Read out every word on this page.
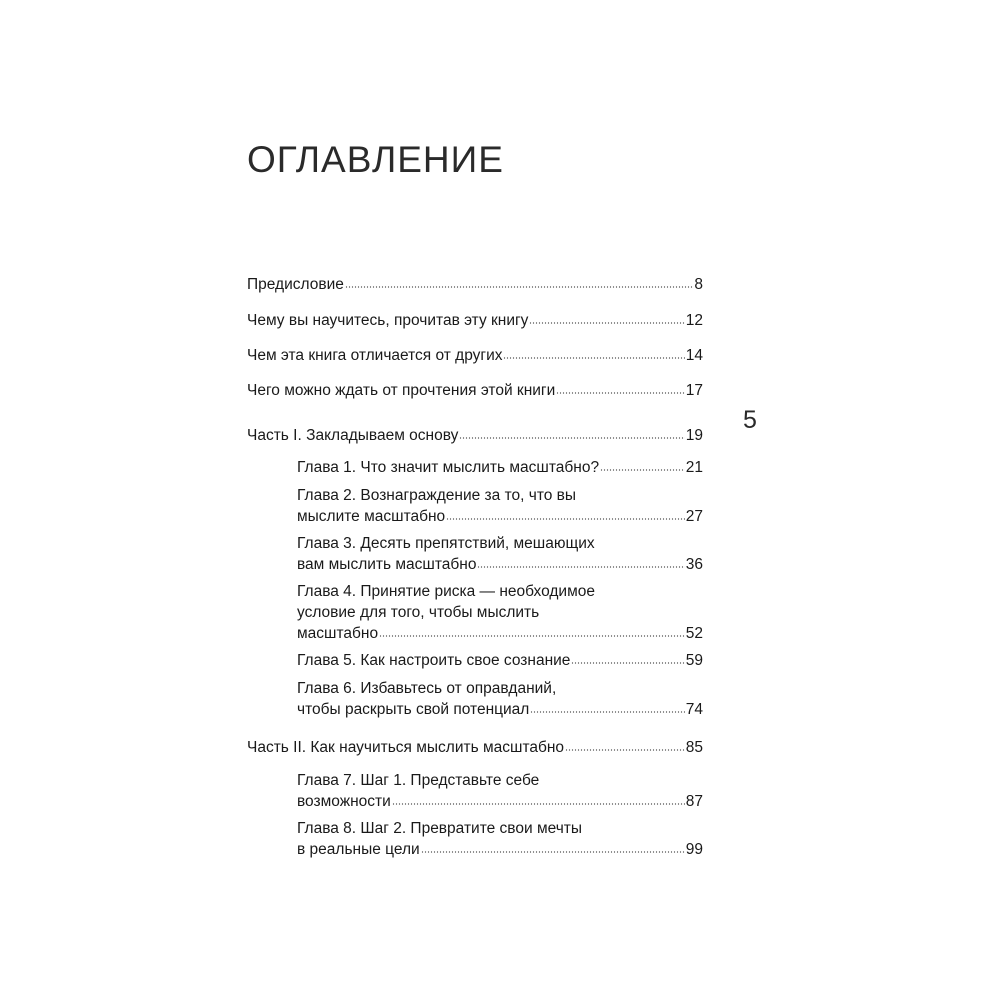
ОГЛАВЛЕНИЕ
5
Предисловие	8
Чему вы научитесь, прочитав эту книгу	12
Чем эта книга отличается от других	14
Чего можно ждать от прочтения этой книги	17
Часть I. Закладываем основу	19
Глава 1. Что значит мыслить масштабно?	21
Глава 2. Вознаграждение за то, что вы
мыслите масштабно	27
Глава 3. Десять препятствий, мешающих
вам мыслить масштабно	36
Глава 4. Принятие риска — необходимое
условие для того, чтобы мыслить
масштабно	52
Глава 5. Как настроить свое сознание	59
Глава 6. Избавьтесь от оправданий,
чтобы раскрыть свой потенциал	74
Часть II. Как научиться мыслить масштабно	85
Глава 7. Шаг 1. Представьте себе
возможности	87
Глава 8. Шаг 2. Превратите свои мечты
в реальные цели	99
